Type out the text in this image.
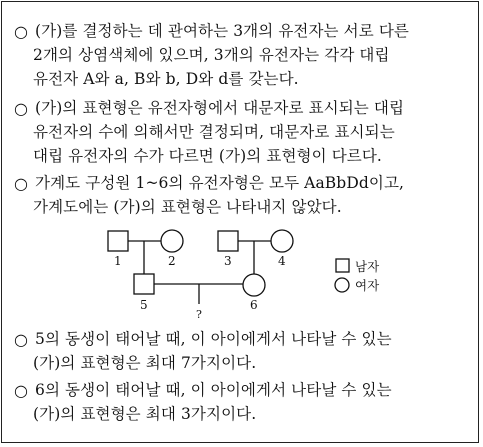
○ (가)를 결정하는 데 관여하는 3개의 유전자는 서로 다른
2개의 상염색체에 있으며, 3개의 유전자는 각각 대립
유전자 A와 a, B와 b, D와 d를 갖는다.
○ (가)의 표현형은 유전자형에서 대문자로 표시되는 대립
유전자의 수에 의해서만 결정되며, 대문자로 표시되는
대립 유전자의 수가 다르면 (가)의 표현형이 다르다.
○ 가계도 구성원 1~6의 유전자형은 모두 AaBbDd이고,
가계도에는 (가)의 표현형은 나타내지 않았다.
1	2	3	4
5	6
?
남자
여자
○ 5의 동생이 태어날 때, 이 아이에게서 나타날 수 있는
(가)의 표현형은 최대 7가지이다.
○ 6의 동생이 태어날 때, 이 아이에게서 나타날 수 있는
(가)의 표현형은 최대 3가지이다.
